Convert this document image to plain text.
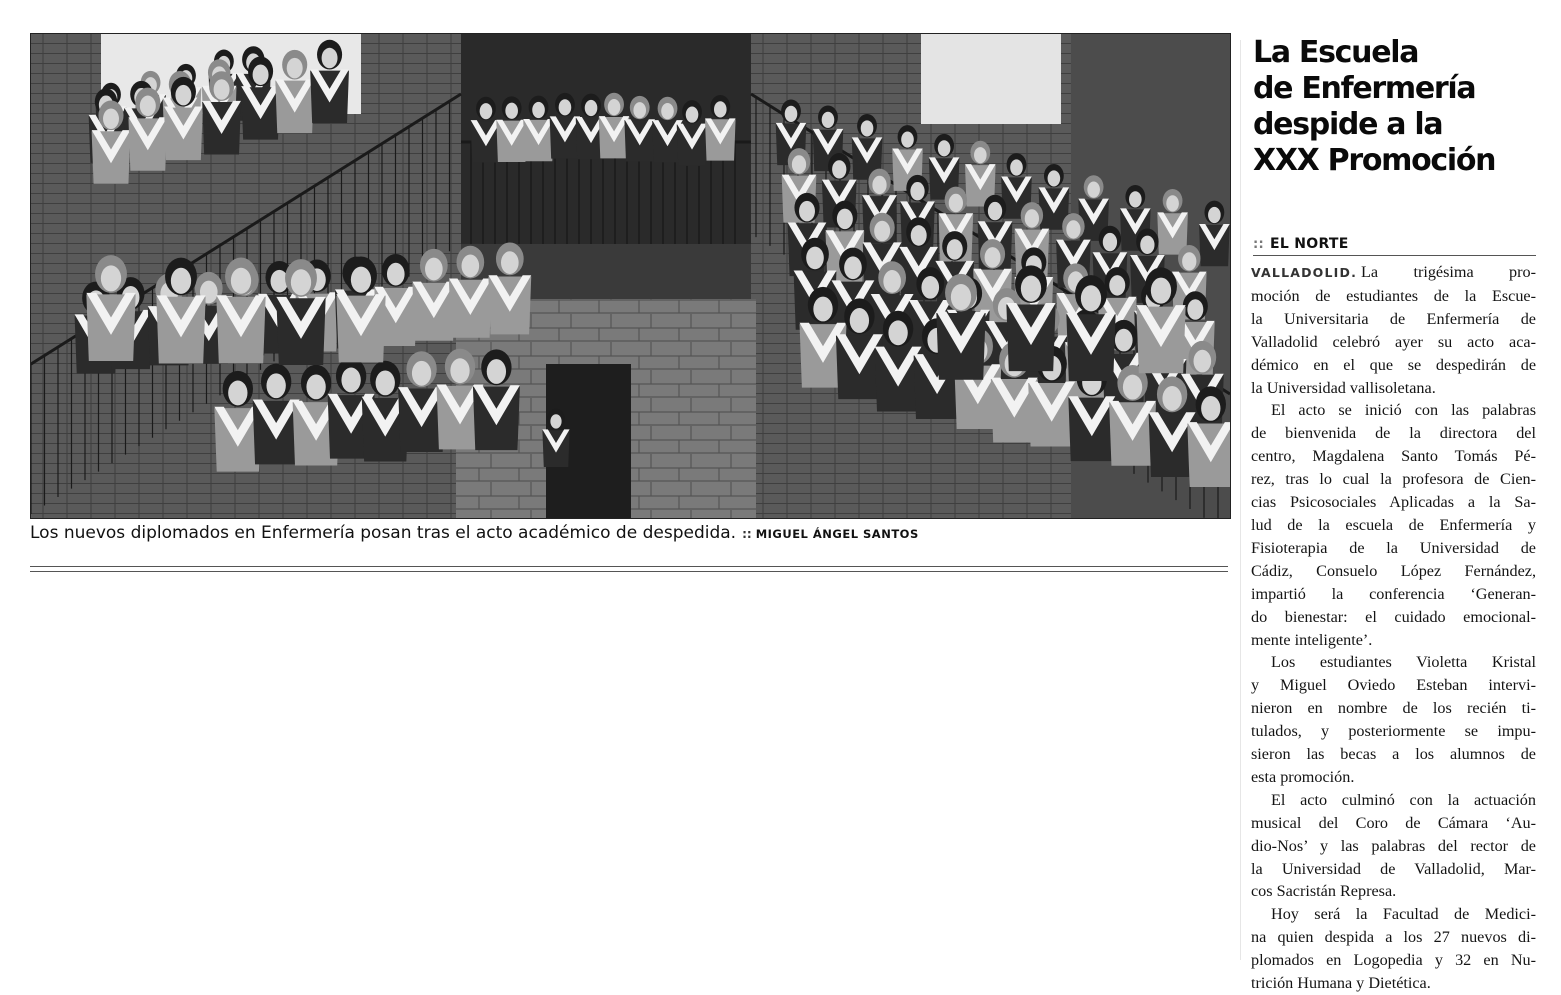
Los nuevos diplomados en Enfermería posan tras el acto académico de despedida. :: MIGUEL ÁNGEL SANTOS
La Escuela
de Enfermería
despide a la
XXX Promoción
:: EL NORTE
VALLADOLID. La trigésima pro-
moción de estudiantes de la Escue-
la Universitaria de Enfermería de
Valladolid celebró ayer su acto aca-
démico en el que se despedirán de
la Universidad vallisoletana.
El acto se inició con las palabras
de bienvenida de la directora del
centro, Magdalena Santo Tomás Pé-
rez, tras lo cual la profesora de Cien-
cias Psicosociales Aplicadas a la Sa-
lud de la escuela de Enfermería y
Fisioterapia de la Universidad de
Cádiz, Consuelo López Fernández,
impartió la conferencia ‘Generan-
do bienestar: el cuidado emocional-
mente inteligente’.
Los estudiantes Violetta Kristal
y Miguel Oviedo Esteban intervi-
nieron en nombre de los recién ti-
tulados, y posteriormente se impu-
sieron las becas a los alumnos de
esta promoción.
El acto culminó con la actuación
musical del Coro de Cámara ‘Au-
dio-Nos’ y las palabras del rector de
la Universidad de Valladolid, Mar-
cos Sacristán Represa.
Hoy será la Facultad de Medici-
na quien despida a los 27 nuevos di-
plomados en Logopedia y 32 en Nu-
trición Humana y Dietética.
